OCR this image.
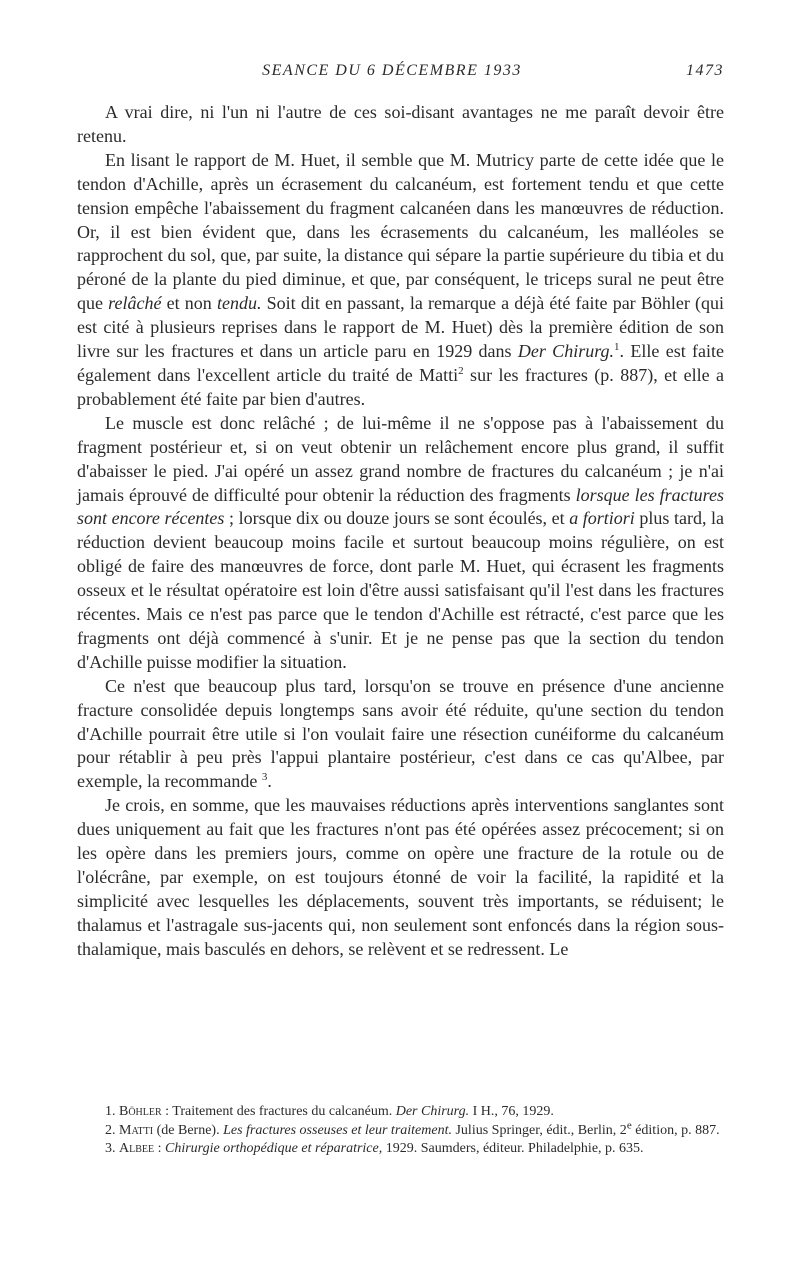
SEANCE DU 6 DÉCEMBRE 1933	1473

A vrai dire, ni l'un ni l'autre de ces soi-disant avantages ne me paraît devoir être retenu.

En lisant le rapport de M. Huet, il semble que M. Mutricy parte de cette idée que le tendon d'Achille, après un écrasement du calcanéum, est fortement tendu et que cette tension empêche l'abaissement du fragment calcanéen dans les manœuvres de réduction. Or, il est bien évident que, dans les écrasements du calcanéum, les malléoles se rapprochent du sol, que, par suite, la distance qui sépare la partie supérieure du tibia et du péroné de la plante du pied diminue, et que, par conséquent, le triceps sural ne peut être que relâché et non tendu. Soit dit en passant, la remarque a déjà été faite par Böhler (qui est cité à plusieurs reprises dans le rapport de M. Huet) dès la première édition de son livre sur les fractures et dans un article paru en 1929 dans Der Chirurg.$^1$. Elle est faite également dans l'excellent article du traité de Matti$^2$ sur les fractures (p. 887), et elle a probablement été faite par bien d'autres.

Le muscle est donc relâché ; de lui-même il ne s'oppose pas à l'abaissement du fragment postérieur et, si on veut obtenir un relâchement encore plus grand, il suffit d'abaisser le pied. J'ai opéré un assez grand nombre de fractures du calcanéum ; je n'ai jamais éprouvé de difficulté pour obtenir la réduction des fragments lorsque les fractures sont encore récentes ; lorsque dix ou douze jours se sont écoulés, et a fortiori plus tard, la réduction devient beaucoup moins facile et surtout beaucoup moins régulière, on est obligé de faire des manœuvres de force, dont parle M. Huet, qui écrasent les fragments osseux et le résultat opératoire est loin d'être aussi satisfaisant qu'il l'est dans les fractures récentes. Mais ce n'est pas parce que le tendon d'Achille est rétracté, c'est parce que les fragments ont déjà commencé à s'unir. Et je ne pense pas que la section du tendon d'Achille puisse modifier la situation.

Ce n'est que beaucoup plus tard, lorsqu'on se trouve en présence d'une ancienne fracture consolidée depuis longtemps sans avoir été réduite, qu'une section du tendon d'Achille pourrait être utile si l'on voulait faire une résection cunéiforme du calcanéum pour rétablir à peu près l'appui plantaire postérieur, c'est dans ce cas qu'Albee, par exemple, la recommande $^3$.

Je crois, en somme, que les mauvaises réductions après interventions sanglantes sont dues uniquement au fait que les fractures n'ont pas été opérées assez précocement; si on les opère dans les premiers jours, comme on opère une fracture de la rotule ou de l'olécrâne, par exemple, on est toujours étonné de voir la facilité, la rapidité et la simplicité avec lesquelles les déplacements, souvent très importants, se réduisent; le thalamus et l'astragale sus-jacents qui, non seulement sont enfoncés dans la région sous-thalamique, mais basculés en dehors, se relèvent et se redressent. Le

1. Böhler : Traitement des fractures du calcanéum. Der Chirurg. I H., 76, 1929.

2. Matti (de Berne). Les fractures osseuses et leur traitement. Julius Springer, édit., Berlin, 2e édition, p. 887.

3. Albee : Chirurgie orthopédique et réparatrice, 1929. Saumders, éditeur. Philadelphie, p. 635.
